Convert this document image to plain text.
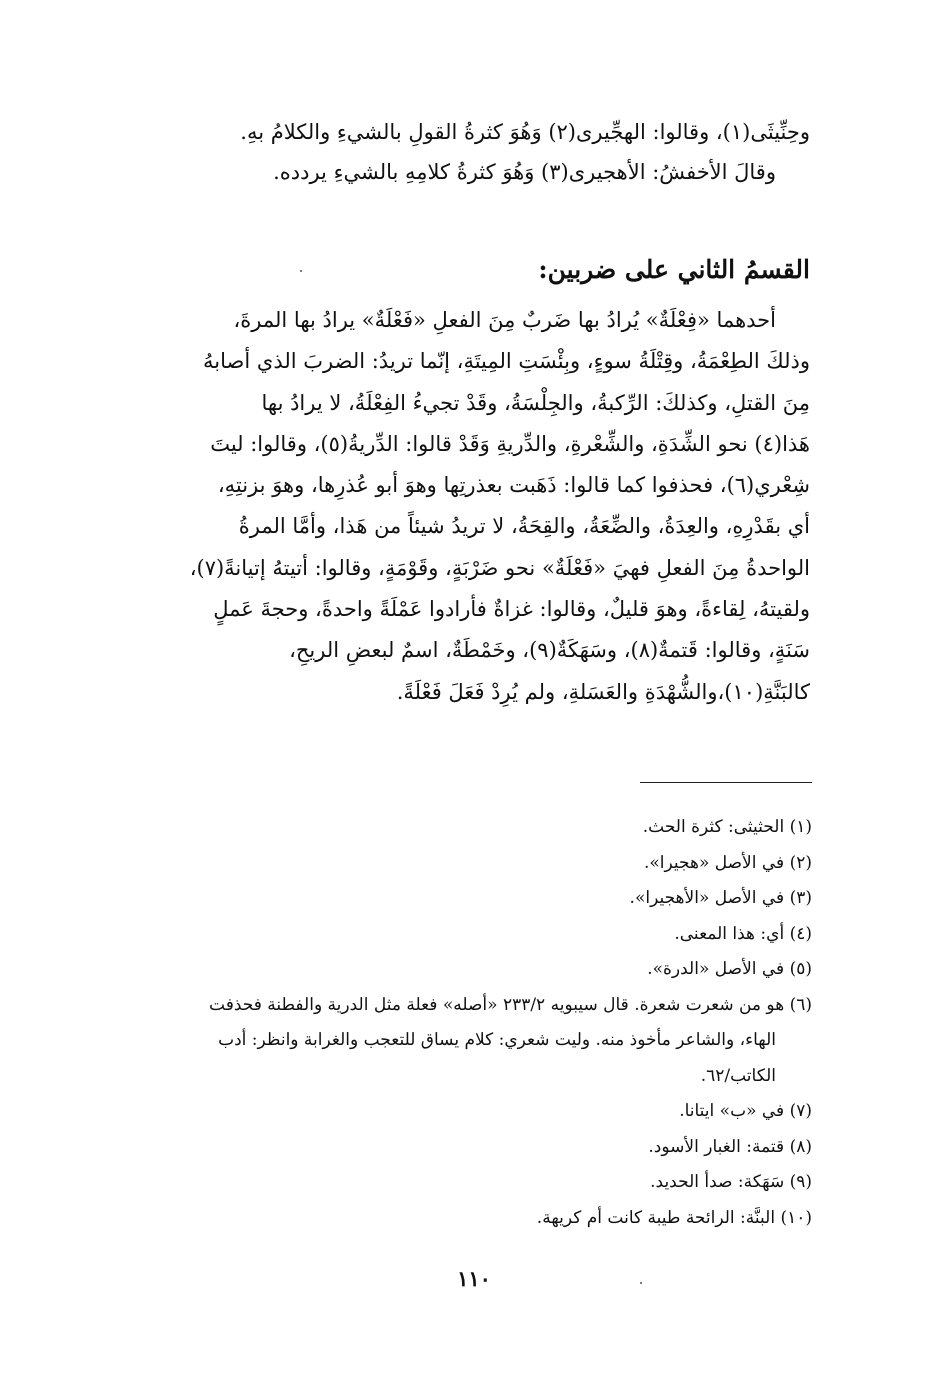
وحِنِّيثَى(١)، وقالوا: الهجِّيرى(٢) وَهُوَ كثرةُ القولِ بالشيءِ والكلامُ بهِ.
وقالَ الأخفشُ: الأهجيرى(٣) وَهُوَ كثرةُ كلامِهِ بالشيءِ يردده.
القسمُ الثاني على ضربين:
أحدهما «فِعْلَةٌ» يُرادُ بها ضَربٌ مِنَ الفعلِ «فَعْلَةٌ» يرادُ بها المرةَ،
وذلكَ الطِعْمَةُ، وقِتْلَةُ سوءٍ، وبِئْسَتِ المِيتَةِ، إنّما تريدُ: الضربَ الذي أصابهُ
مِنَ القتلِ، وكذلكَ: الرِّكبةُ، والجِلْسَةُ، وقَدْ تجيءُ الفِعْلَةُ، لا يرادُ بها
هَذا(٤) نحو الشِّدَةِ، والشِّعْرةِ، والدِّريةِ وَقَدْ قالوا: الدِّريةُ(٥)، وقالوا: ليتَ
شِعْري(٦)، فحذفوا كما قالوا: ذَهَبت بعذرتِها وهوَ أبو عُذرِها، وهوَ بزنتِهِ،
أي بقَدْرِهِ، والعِدَةُ، والضِّعَةُ، والقِحَةُ، لا تريدُ شيئاً من هَذا، وأمَّا المرةُ
الواحدةُ مِنَ الفعلِ فهيَ «فَعْلَةٌ» نحو ضَرْبَةٍ، وقَوْمَةٍ، وقالوا: أتيتهُ إتيانةً(٧)،
ولقيتهُ، لِقاءةً، وهوَ قليلٌ، وقالوا: غزاةٌ فأرادوا عَمْلَةً واحدةً، وحجةَ عَملٍ
سَنَةٍ، وقالوا: قَتمةٌ(٨)، وسَهَكَةٌ(٩)، وخَمْطَةٌ، اسمٌ لبعضِ الريحِ،
كالبَنَّةِ(١٠)،والشُّهْدَةِ والعَسَلةِ، ولم يُرِدْ فَعَلَ فَعْلَةً.
(١) الحثيثى: كثرة الحث.
(٢) في الأصل «هجيرا».
(٣) في الأصل «الأهجيرا».
(٤) أي: هذا المعنى.
(٥) في الأصل «الدرة».
(٦) هو من شعرت شعرة. قال سيبويه ٢٣٣/٢ «أصله» فعلة مثل الدرية والفطنة فحذفت
الهاء، والشاعر مأخوذ منه. وليت شعري: كلام يساق للتعجب والغرابة وانظر: أدب
الكاتب/٦٢.
(٧) في «ب» ايتانا.
(٨) قتمة: الغبار الأسود.
(٩) سَهَكة: صدأ الحديد.
(١٠) البنَّة: الرائحة طيبة كانت أم كريهة.
١١٠
